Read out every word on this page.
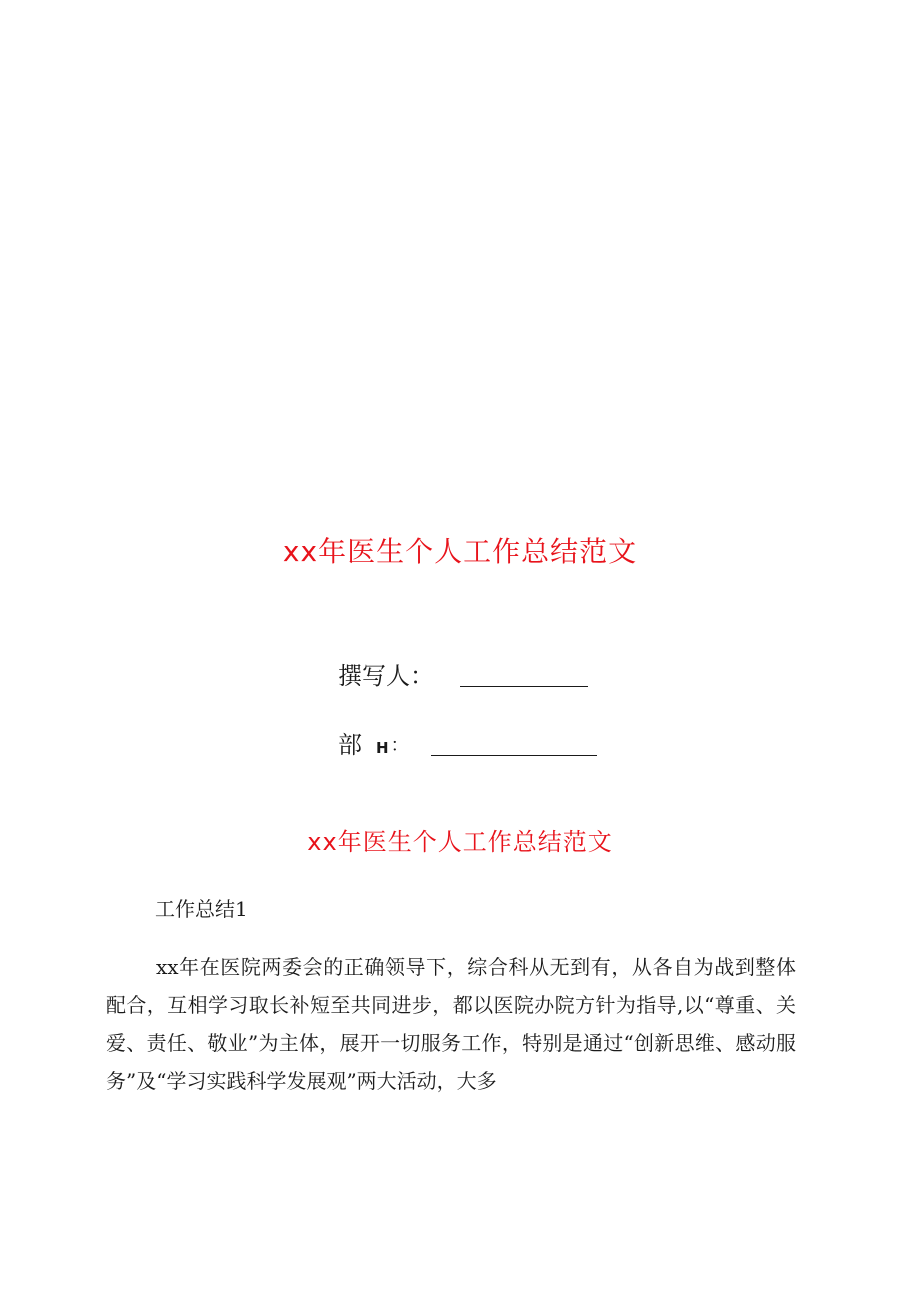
xx年医生个人工作总结范文
撰写人：
部 H ：
xx年医生个人工作总结范文
工作总结1

xx年在医院两委会的正确领导下，综合科从无到有，从各自为战到整体配合，互相学习取长补短至共同进步，都以医院办院方针为指导,以“尊重、关爱、责任、敬业”为主体，展开一切服务工作，特别是通过“创新思维、感动服务”及“学习实践科学发展观”两大活动，大多
